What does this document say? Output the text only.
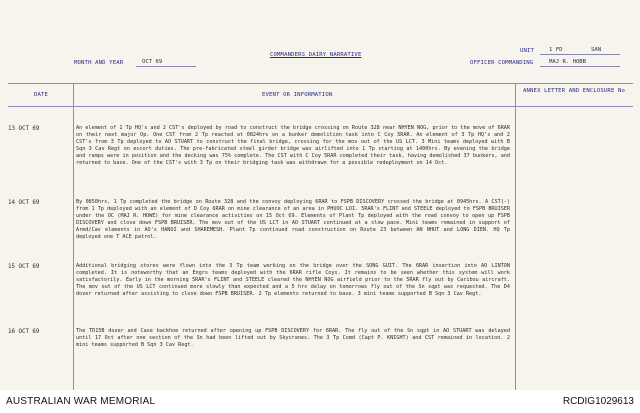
COMMANDERS DAIRY NARRATIVE
UNIT	1 FD	SAN
MONTH AND YEAR	OCT 69	OFFICER COMMANDING	MAJ R. HOBB
DATE	EVENT OR INFORMATION
ANNEX LETTER AND ENCLOSURE No
13 OCT 69	An element of 1 Tp HQ's and 2 CST's deployed by road to construct the bridge crossing on Route 328 near NHYEN NOG, prior to the move of 6RAR on their next major Op. One CST from 2 Tp reacted at 0824hrs on a bunker demolition task into C Coy 5RAR. An element of 3 Tp HQ's and 2 CST's from 3 Tp deployed to AO STUART to construct the final bridge, crossing for the mov out of the US LCT. 3 Mini teams deployed with B Sqn 3 Cav Regt on escort duties. The pre-fabricated steel girder bridge was airlifted into 1 Tp starting at 1400hrs. By evening the bridge and ramps were in position and the decking was 75% complete. The CST with C Coy 5RAR completed their task, having demolished 37 bunkers, and returned to base. One of the CST's with 3 Tp on their bridging task was withdrawn for a possible redeployment on 14 Oct.
14 OCT 69	By 0850hrs, 1 Tp completed the bridge on Route 328 and the convoy deploying 6RAR to FSPB DISCOVERY crossed the bridge at 0945hrs. A CST(-) from 1 Tp deployed with an element of D Coy 6RAR on mine clearance of an area in PHUOC LOI. 5RAR's FLINT and STEELE deployed to FSPB BRUISER under the OC (MAJ R. HOWE) for mine clearance activities on 15 Oct 69. Elements of Plant Tp deployed with the road convoy to open up FSPB DISCOVERY and close down FSPB BRUISER. The mov out of the US LCT in AO STUART continued at a slow pace. Mini teams remained in support of Armd/Cav elements in AO's HANOI and SHAREMESH. Plant Tp continued road construction on Route 23 between AN NHUT and LONG DIEN. HQ Tp deployed one T ACE patrol.
15 OCT 69	Additional bridging stores were flown into the 3 Tp team working on the bridge over the SONG GUIT. The 6RAR insertion into AO LINTON completed. It is noteworthy that an Engrs teams deployed with the 6RAR rifle Coys. It remains to be seen whether this system will work satisfactorily. Early in the morning 5RAR's FLINT and STEELE cleared the NHYEN NOG airfield prior to the 5RAR fly out by Caribou aircraft. The mov out of the US LCT continued more slowly than expected and a 5 hrs delay on tomorrows fly out of the Sn sqpt was requested. The D4 dozer returned after assisting to close down FSPB BRUISER. 2 Tp elements returned to base. 3 mini teams supported B Sqn 3 Cav Regt.
16 OCT 69	The TD15B dozer and Case backhoe returned after opening up FSPB DISCOVERY for 6RAR. The fly out of the Sn sqpt in AO STUART was delayed until 17 Oct after one section of the Sn had been lifted out by Skycranes. The 3 Tp Comd (Capt P. KNIGHT) and CST remained in location. 2 mini teams supported B Sqn 3 Cav Regt.
AUSTRALIAN WAR MEMORIAL	RCDIG1029613
